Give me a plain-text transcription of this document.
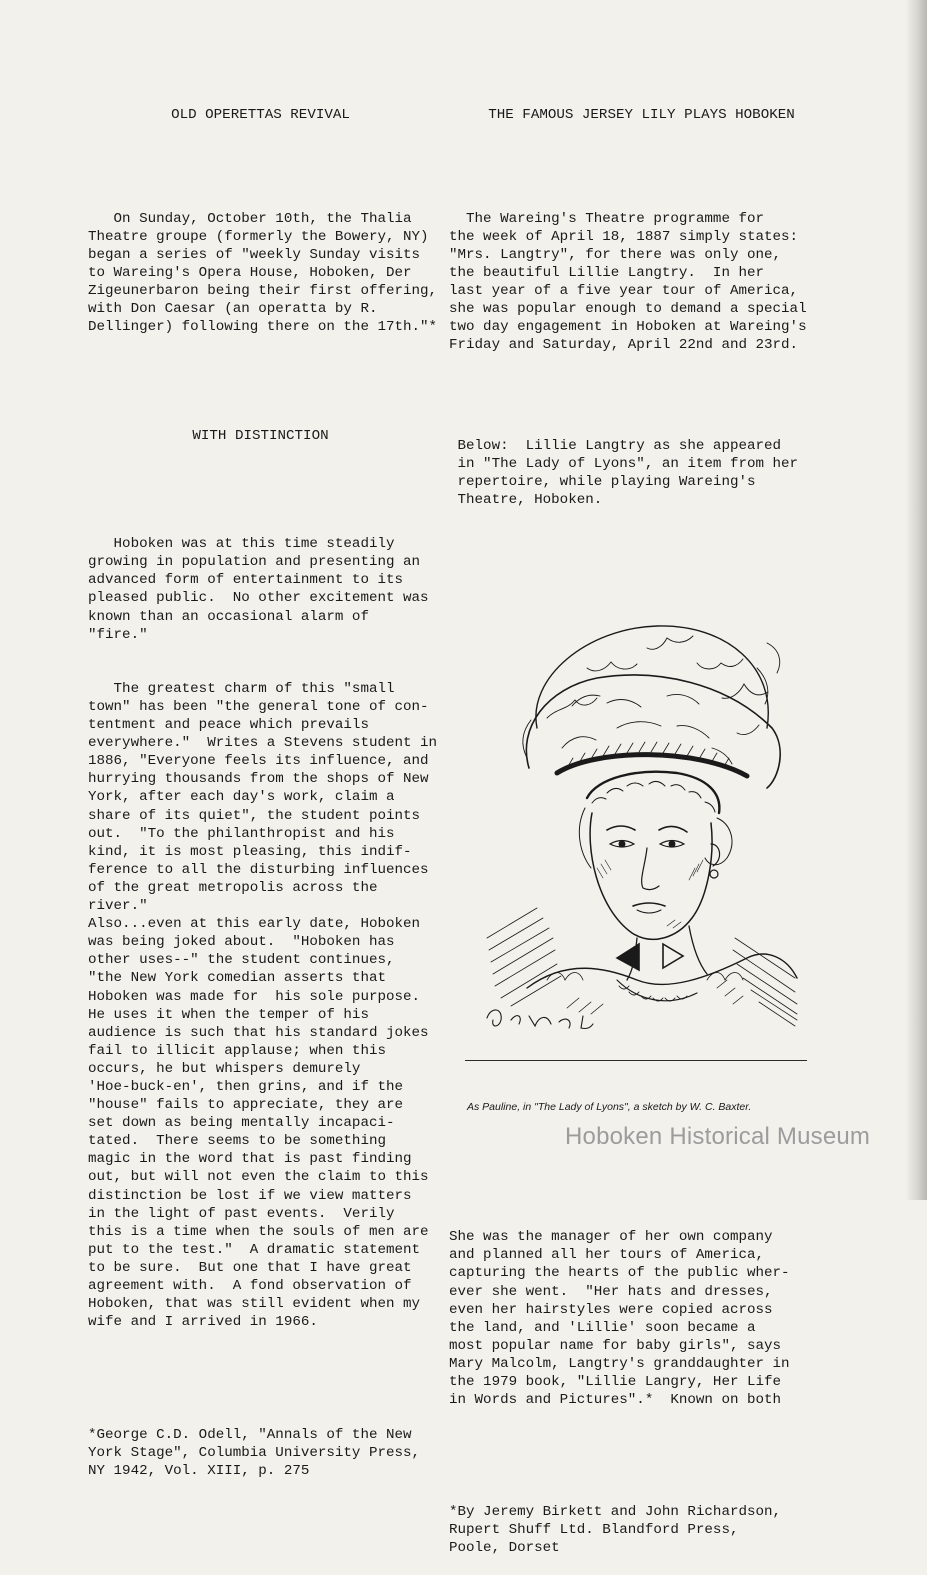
OLD OPERETTAS REVIVAL

On Sunday, October 10th, the Thalia
Theatre groupe (formerly the Bowery, NY)
began a series of "weekly Sunday visits
to Wareing's Opera House, Hoboken, Der
Zigeunerbaron being their first offering,
with Don Caesar (an operatta by R.
Dellinger) following there on the 17th."*

WITH DISTINCTION

Hoboken was at this time steadily
growing in population and presenting an
advanced form of entertainment to its
pleased public.  No other excitement was
known than an occasional alarm of
"fire."

The greatest charm of this "small
town" has been "the general tone of con-
tentment and peace which prevails
everywhere."  Writes a Stevens student in
1886, "Everyone feels its influence, and
hurrying thousands from the shops of New
York, after each day's work, claim a
share of its quiet", the student points
out.  "To the philanthropist and his
kind, it is most pleasing, this indif-
ference to all the disturbing influences
of the great metropolis across the river."
Also...even at this early date, Hoboken
was being joked about.  "Hoboken has
other uses--" the student continues,
"the New York comedian asserts that
Hoboken was made for  his sole purpose.
He uses it when the temper of his
audience is such that his standard jokes
fail to illicit applause; when this
occurs, he but whispers demurely
'Hoe-buck-en', then grins, and if the
"house" fails to appreciate, they are
set down as being mentally incapaci-
tated.  There seems to be something
magic in the word that is past finding
out, but will not even the claim to this
distinction be lost if we view matters
in the light of past events.  Verily
this is a time when the souls of men are
put to the test."  A dramatic statement
to be sure.  But one that I have great
agreement with.  A fond observation of
Hoboken, that was still evident when my
wife and I arrived in 1966.

*George C.D. Odell, "Annals of the New
York Stage", Columbia University Press,
NY 1942, Vol. XIII, p. 275

THE FAMOUS JERSEY LILY PLAYS HOBOKEN

The Wareing's Theatre programme for
the week of April 18, 1887 simply states:
"Mrs. Langtry", for there was only one,
the beautiful Lillie Langtry.  In her
last year of a five year tour of America,
she was popular enough to demand a special
two day engagement in Hoboken at Wareing's
Friday and Saturday, April 22nd and 23rd.

Below:  Lillie Langtry as she appeared
in "The Lady of Lyons", an item from her
repertoire, while playing Wareing's
Theatre, Hoboken.

As Pauline, in "The Lady of Lyons", a sketch by W. C. Baxter.

She was the manager of her own company
and planned all her tours of America,
capturing the hearts of the public wher-
ever she went.  "Her hats and dresses,
even her hairstyles were copied across
the land, and 'Lillie' soon became a
most popular name for baby girls", says
Mary Malcolm, Langtry's granddaughter in
the 1979 book, "Lillie Langry, Her Life
in Words and Pictures".*  Known on both

*By Jeremy Birkett and John Richardson,
Rupert Shuff Ltd. Blandford Press,
Poole, Dorset

Hoboken Historical Museum
